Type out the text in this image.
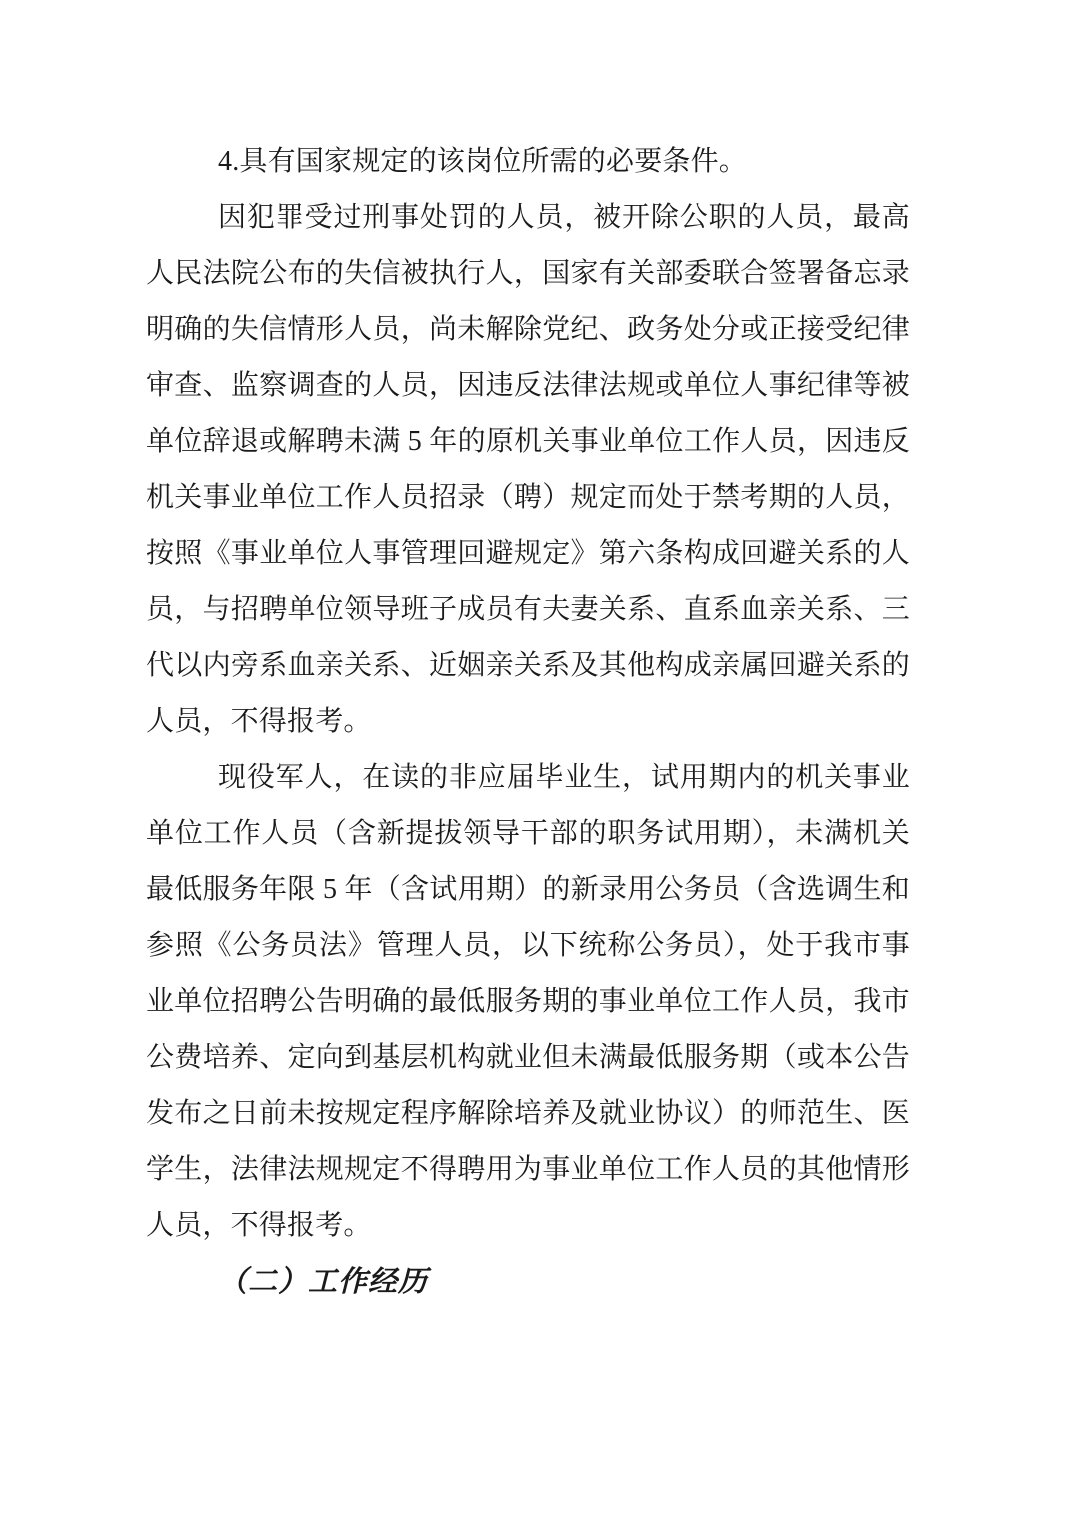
4.具有国家规定的该岗位所需的必要条件。

因犯罪受过刑事处罚的人员，被开除公职的人员，最高人民法院公布的失信被执行人，国家有关部委联合签署备忘录明确的失信情形人员，尚未解除党纪、政务处分或正接受纪律审查、监察调查的人员，因违反法律法规或单位人事纪律等被单位辞退或解聘未满 5 年的原机关事业单位工作人员，因违反机关事业单位工作人员招录（聘）规定而处于禁考期的人员，按照《事业单位人事管理回避规定》第六条构成回避关系的人员，与招聘单位领导班子成员有夫妻关系、直系血亲关系、三代以内旁系血亲关系、近姻亲关系及其他构成亲属回避关系的人员，不得报考。

现役军人，在读的非应届毕业生，试用期内的机关事业单位工作人员（含新提拔领导干部的职务试用期），未满机关最低服务年限 5 年（含试用期）的新录用公务员（含选调生和参照《公务员法》管理人员，以下统称公务员），处于我市事业单位招聘公告明确的最低服务期的事业单位工作人员，我市公费培养、定向到基层机构就业但未满最低服务期（或本公告发布之日前未按规定程序解除培养及就业协议）的师范生、医学生，法律法规规定不得聘用为事业单位工作人员的其他情形人员，不得报考。

（二）工作经历
